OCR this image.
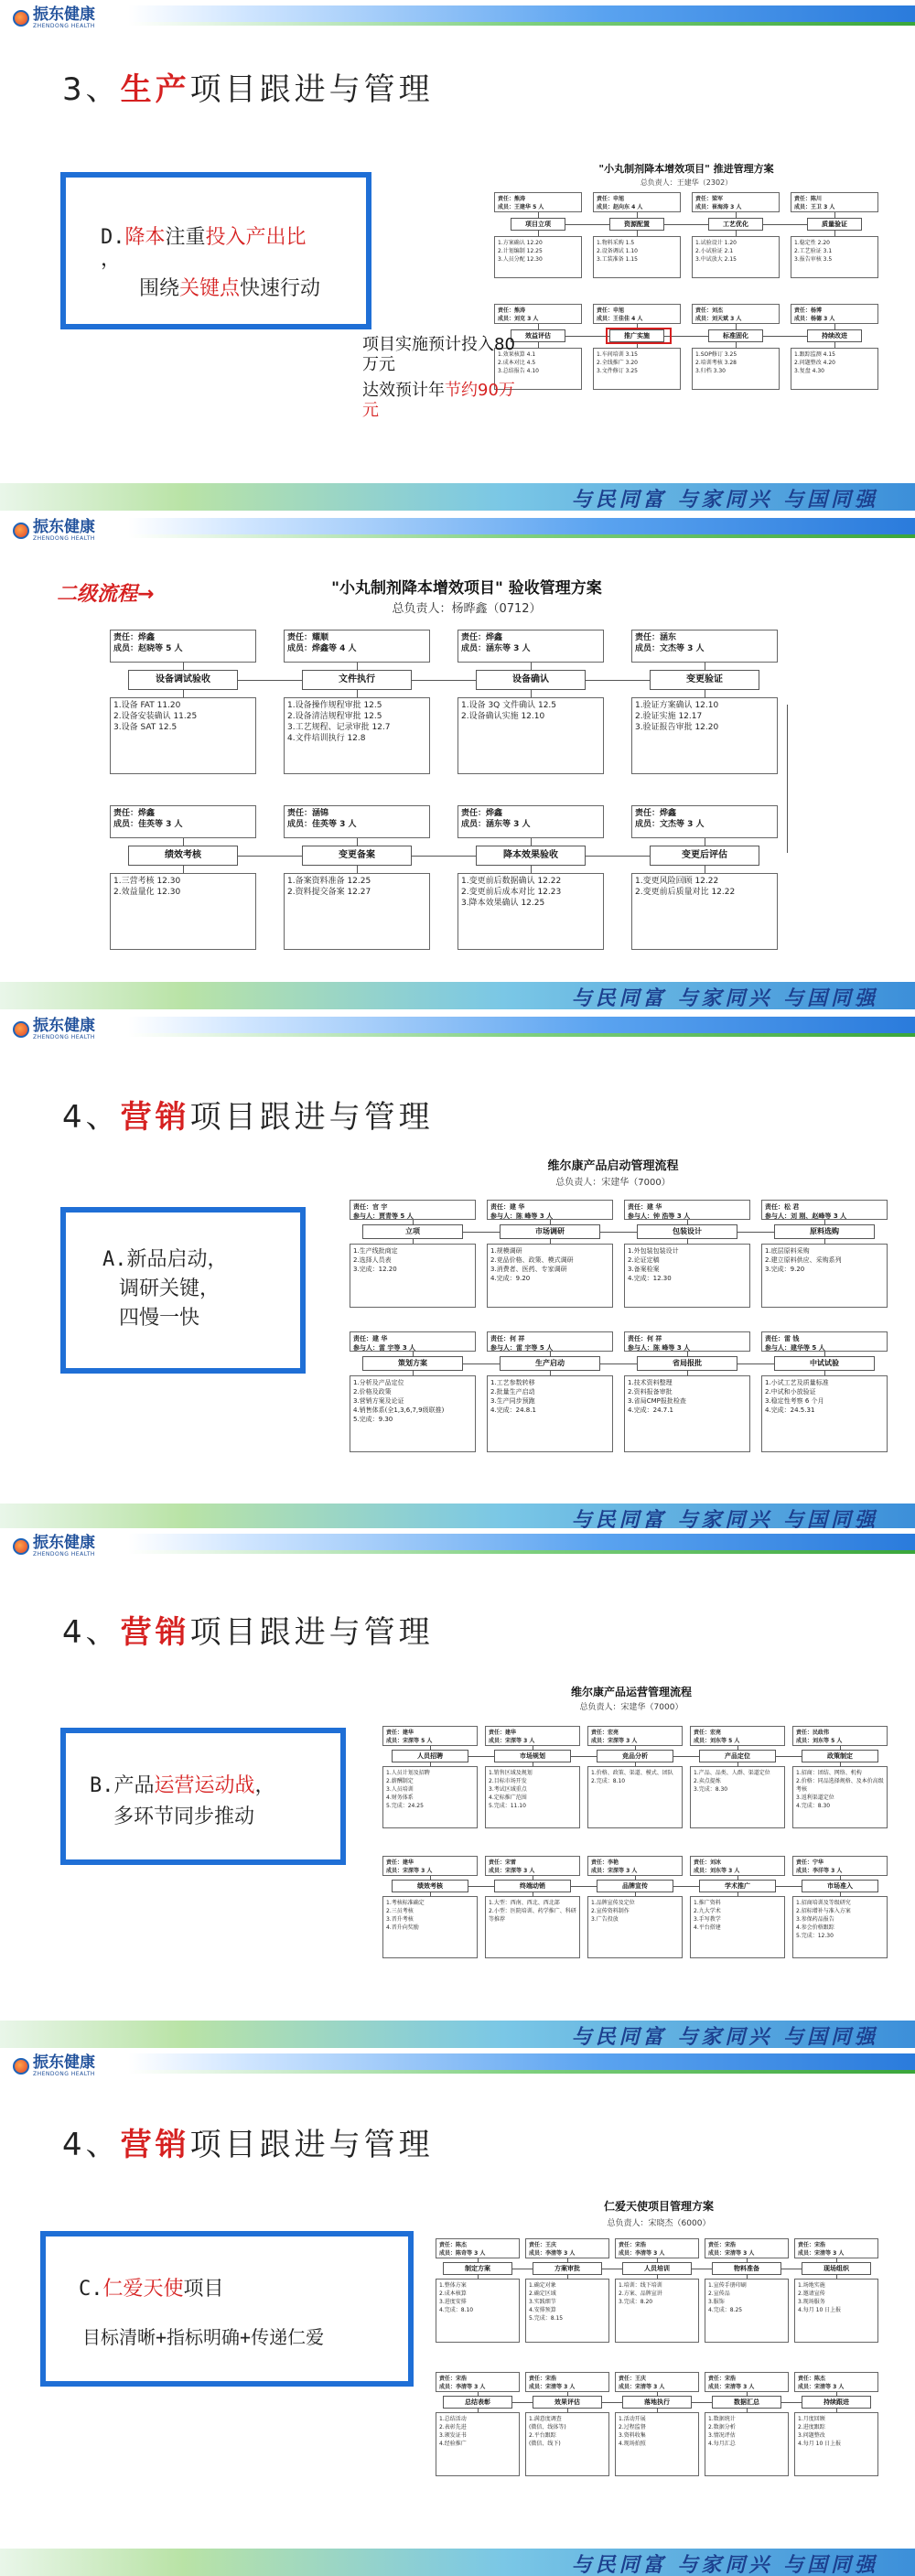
振东健康
ZHENDONG HEALTH
3、生产项目跟进与管理
D.降本注重投入产出比
，
围绕关键点快速行动
"小丸制剂降本增效项目" 推进管理方案
总负责人：王建华（2302）
责任：熊涛
成员：王建华 5 人
项目立项
1.方案确认 12.20
2.计划编制 12.25
3.人员分配 12.30
责任：申旭
成员：赵向东 4 人
资源配置
1.物料采购 1.5
2.设备调试 1.10
3.工装准备 1.15
责任：梁军
成员：崔海涛 3 人
工艺优化
1.试验设计 1.20
2.小试验证 2.1
3.中试放大 2.15
责任：陈川
成员：王卫 3 人
质量验证
1.稳定性 2.20
2.工艺验证 3.1
3.报告审核 3.5
责任：熊涛
成员：刘克 3 人
效益评估
1.效果核算 4.1
2.成本对比 4.5
3.总结报告 4.10
责任：申旭
成员：王佳佳 4 人
推广实施
1.车间培训 3.15
2.全线推广 3.20
3.文件修订 3.25
责任：刘杰
成员：刘天斌 3 人
标准固化
1.SOP修订 3.25
2.培训考核 3.28
3.归档 3.30
责任：杨博
成员：杨德 3 人
持续改进
1.跟踪监测 4.15
2.问题整改 4.20
3.复盘 4.30
项目实施预计投入80万元
达效预计年节约90万元
与民同富 与家同兴 与国同强
振东健康
ZHENDONG HEALTH
二级流程→	"小丸制剂降本增效项目" 验收管理方案
总负责人：杨晔鑫（0712）
责任：烨鑫
成员：赵晓等 5 人
设备调试验收
1.设备 FAT 11.20
2.设备安装确认 11.25
3.设备 SAT 12.5
责任：耀顺
成员：烨鑫等 4 人
文件执行
1.设备操作规程审批 12.5
2.设备清洁规程审批 12.5
3.工艺规程、记录审批 12.7
4.文件培训执行 12.8
责任：烨鑫
成员：涵东等 3 人
设备确认
1.设备 3Q 文件确认 12.5
2.设备确认实施 12.10
责任：涵东
成员：文杰等 3 人
变更验证
1.验证方案确认 12.10
2.验证实施 12.17
3.验证报告审批 12.20
责任：烨鑫
成员：佳英等 3 人
绩效考核
1.三营考核 12.30
2.效益量化 12.30
责任：涵锦
成员：佳英等 3 人
变更备案
1.备案资料准备 12.25
2.资料提交备案 12.27
责任：烨鑫
成员：涵东等 3 人
降本效果验收
1.变更前后数据确认 12.22
2.变更前后成本对比 12.23
3.降本效果确认 12.25
责任：烨鑫
成员：文杰等 3 人
变更后评估
1.变更风险回顾 12.22
2.变更前后质量对比 12.22
与民同富 与家同兴 与国同强
振东健康
ZHENDONG HEALTH
4、营销项目跟进与管理
A.新品启动，
调研关键，
四慢一快
维尔康产品启动管理流程
总负责人：宋建华（7000）
责任：官 宇
参与人：贾青等 5 人
立项
1.生产线批商定
2.选择人员表
3.完成：12.20
责任：建 华
参与人：陈 峰等 3 人
市场调研
1.规模调研
2.竞品价格、政策、模式调研
3.消费者、医药、专家调研
4.完成：9.20
责任：建 华
参与人：钟 浩等 3 人
包装设计
1.外包装包装设计
2.论证定稿
3.备案检案
4.完成：12.30
责任：松 君
参与人：刘 刚、赵峰等 3 人
原料选购
1.底层原料采购
2.建立原料供应、采购系列
3.完成：9.20
责任：建 华
参与人：雷 宇等 3 人
策划方案
1.分析及产品定位
2.价格及政策
3.营销方案及论证
4.销售体系(全1,3,6,7,9级联推)
5.完成：9.30
责任：何 祥
参与人：雷 宇等 5 人
生产启动
1.工艺参数转移
2.批量生产启动
3.生产同步预跑
4.完成：24.8.1
责任：何 祥
参与人：陈 峰等 3 人
省局报批
1.技术资料整理
2.资料报备审批
3.省局CMP报批检查
4.完成：24.7.1
责任：雷 钱
参与人：建华等 5 人
中试试验
1.小试工艺及质量标准
2.中试和小放验证
3.稳定性考察 6 个月
4.完成：24.5.31
与民同富 与家同兴 与国同强
振东健康
ZHENDONG HEALTH
4、营销项目跟进与管理
B.产品运营运动战，
多环节同步推动
维尔康产品运营管理流程
总负责人：宋建华（7000）
责任：建华
成员：宋深等 5 人
人员招聘
1.人员计划及招聘
2.薪酬制定
3.人员培训
4.财务体系
5.完成：24.25
责任：建华
成员：宋深等 3 人
市场规划
1.销售区域及规划
2.目标市场开发
3.考试区域重点
4.定标推广范围
5.完成：11.10
责任：宏亮
成员：宋深等 3 人
竞品分析
1.价格、政策、渠道、模式、团队
2.完成：8.10
责任：宏亮
成员：刘东等 5 人
产品定位
1.产品、品类、人群、渠道定位
2.卖点提炼
3.完成：8.30
责任：民政伟
成员：刘东等 5 人
政策制定
1.招商：团结、网络、机构
2.价格：同品选择规格、及本价高级考核
3.返利渠道定位
4.完成：8.30
责任：建华
成员：宋深等 3 人
绩效考核
1.考核标准确定
2.三员考核
3.晋升考核
4.晋升向奖励
责任：宋雷
成员：宋深等 3 人
终端动销
1.大型：西南、西北、西北部
2.小型：医院培训、药学推广、科研等推荐
责任：李艳
成员：宋深等 3 人
品牌宣传
1.品牌宣传及定位
2.宣传资料制作
3.广告投放
责任：刘冰
成员：刘东等 3 人
学术推广
1.推广资料
2.九大学术
3.手写教学
4.平台搭建
责任：宁华
成员：李洋等 3 人
市场准入
1.招商培训及等级研究
2.招标增补与准入方案
3.参保药品报告
4.参会价格跟踪
5.完成：12.30
与民同富 与家同兴 与国同强
振东健康
ZHENDONG HEALTH
4、营销项目跟进与管理
C.仁爱天使项目
目标清晰+指标明确+传递仁爱
仁爱天使项目管理方案
总负责人：宋晓杰（6000）
责任：陈杰
成员：陈奇等 3 人
制定方案
1.整体方案
2.成本核算
3.进度安排
4.完成：8.10
责任：王庆
成员：李清等 3 人
方案审批
1.确定对象
2.确定区域
3.实践细节
4.安排预算
5.完成：8.15
责任：宋浩
成员：李清等 3 人
人员培训
1.培训：线下培训
2.方案、品牌宣讲
3.完成：8.20
责任：宋浩
成员：宋清等 3 人
物料准备
1.宣传手册印刷
2.宣传品
3.服饰
4.完成：8.25
责任：宋浩
成员：宋清等 3 人
现场组织
1.场地实施
2.邀请宣传
3.现场服务
4.每月 10 日上报
责任：宋浩
成员：李清等 3 人
总结表彰
1.总结活动
2.表彰先进
3.颁发证书
4.经验推广
责任：宋浩
成员：宋清等 3 人
效果评估
1.满意度调查
(微信、线体等)
2.平台跟踪
(微信、线下)
责任：王庆
成员：宋清等 3 人
落地执行
1.活动开展
2.过程监督
3.资料收集
4.现场拍照
责任：宋浩
成员：宋清等 3 人
数据汇总
1.数据统计
2.数据分析
3.情况评估
4.每月汇总
责任：陈杰
成员：宋清等 3 人
持续跟进
1.月度回顾
2.进度跟踪
3.问题整改
4.每月 10 日上报
与民同富 与家同兴 与国同强
